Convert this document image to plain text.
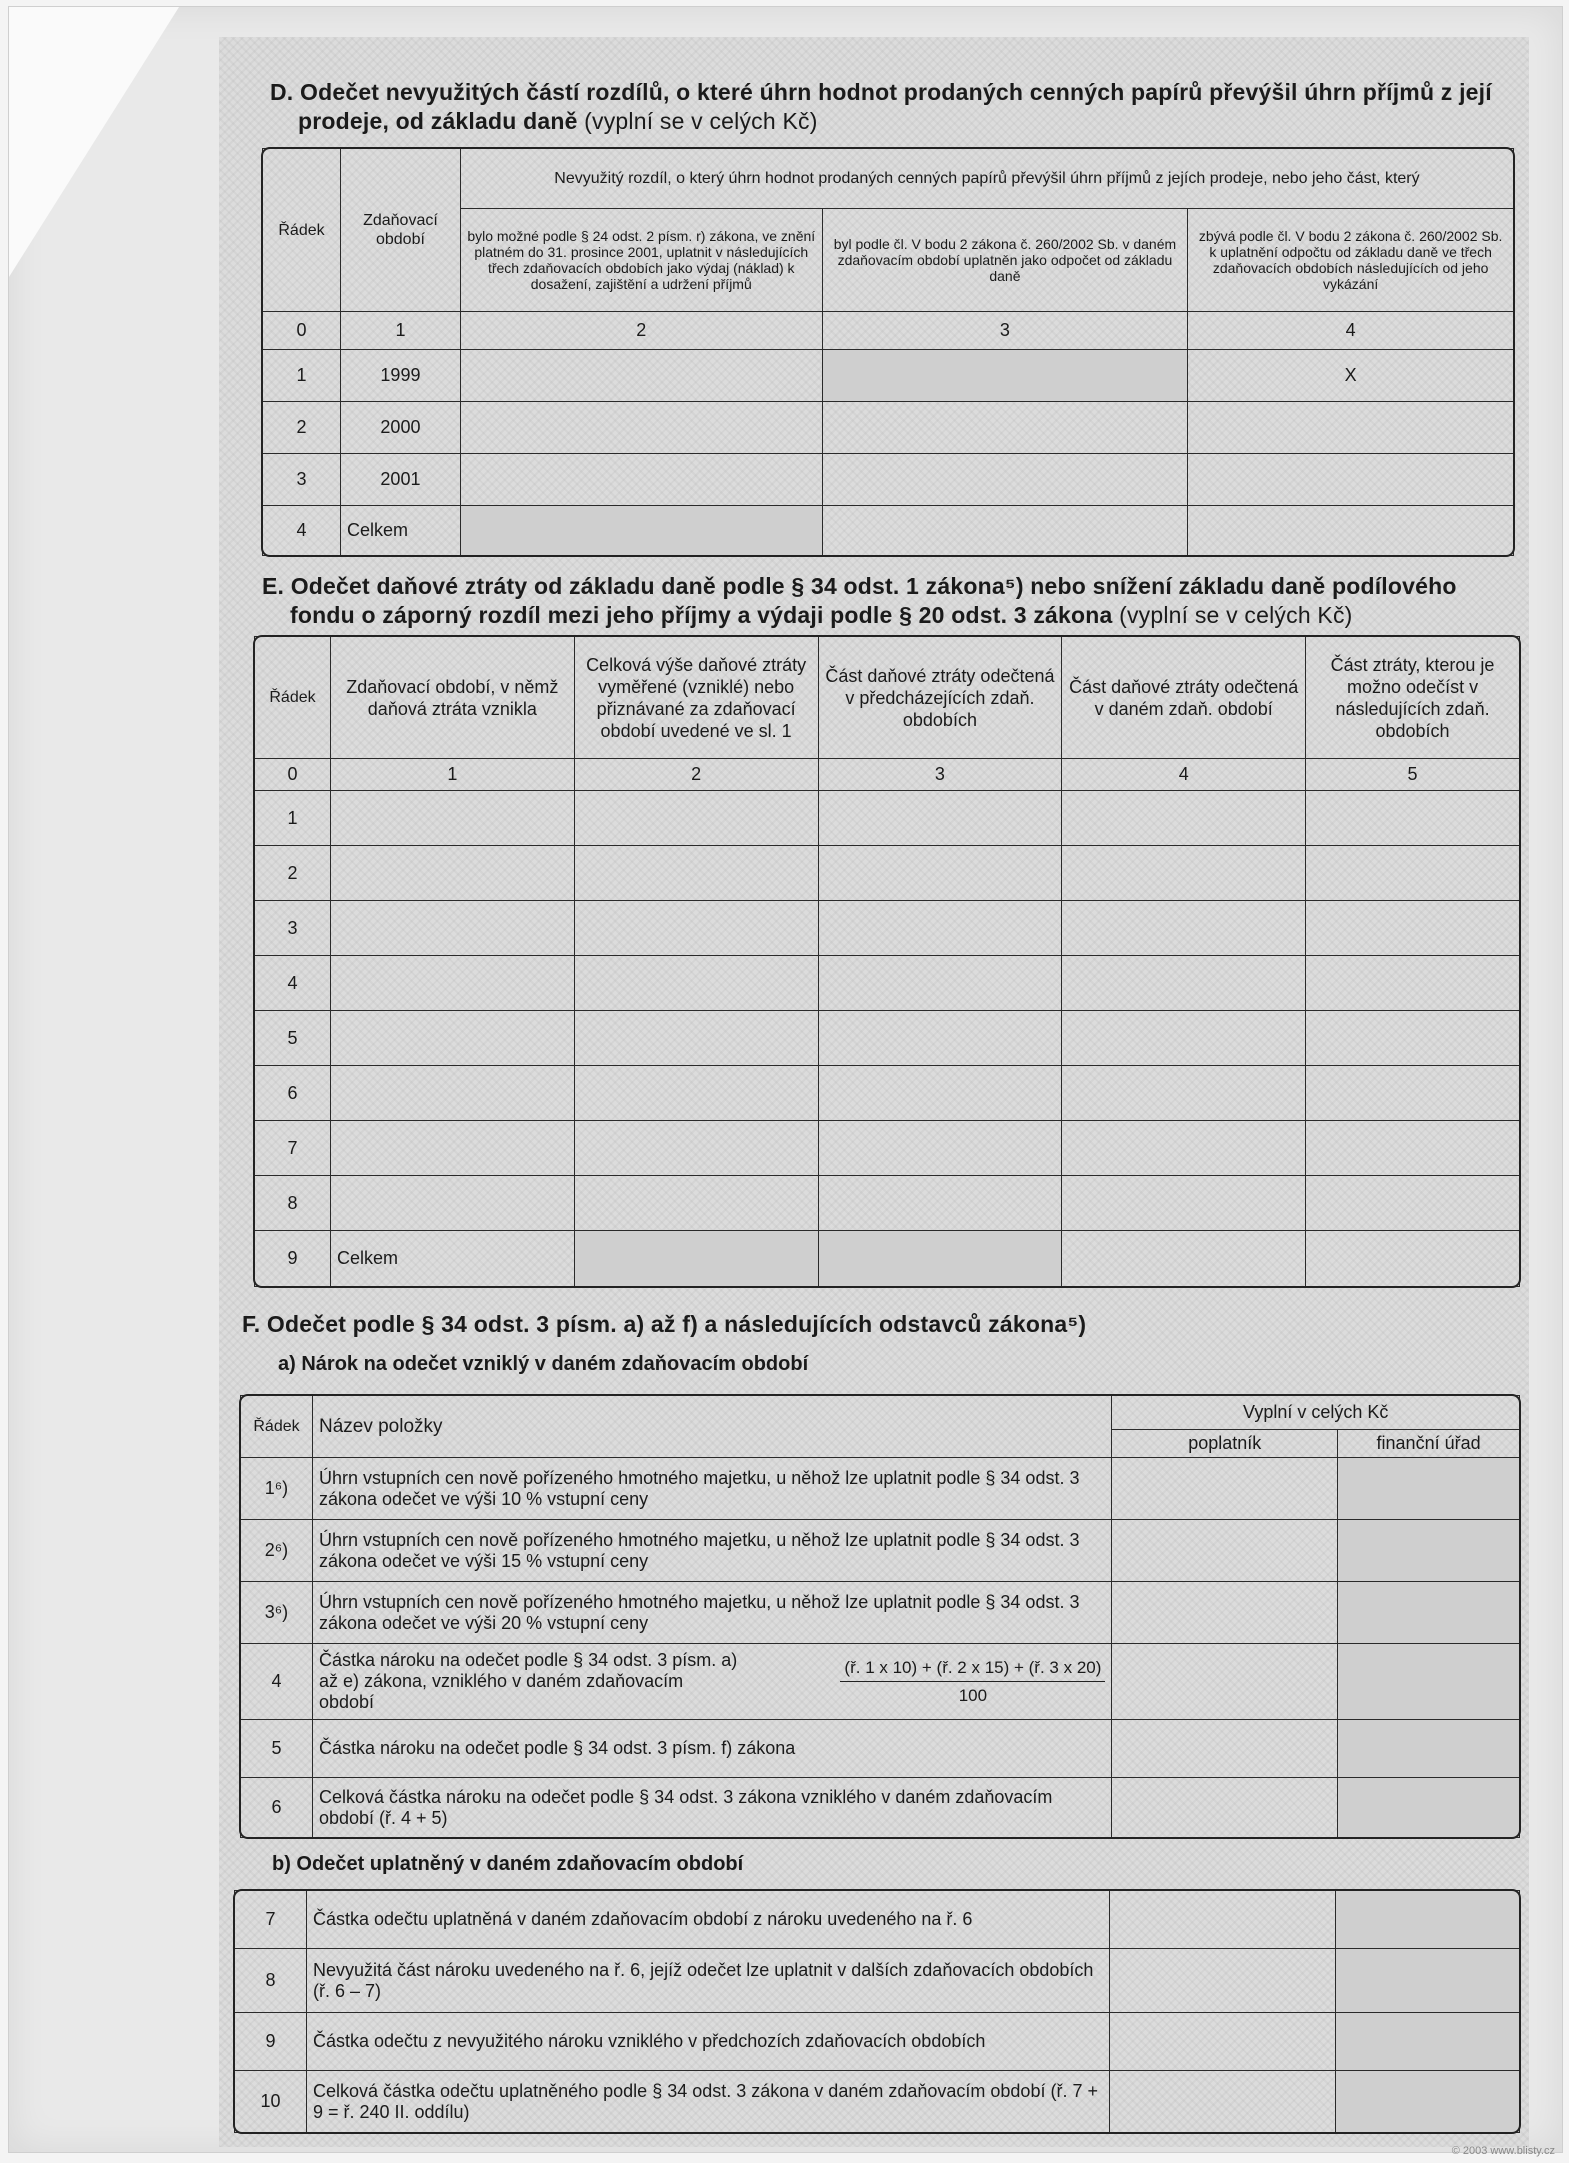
D. Odečet nevyužitých částí rozdílů, o které úhrn hodnot prodaných cenných papírů převýšil úhrn příjmů z její
prodeje, od základu daně (vyplní se v celých Kč)
Řádek	Zdaňovací období	Nevyužitý rozdíl, o který úhrn hodnot prodaných cenných papírů převýšil úhrn příjmů z jejích prodeje, nebo jeho část, který		
		bylo možné podle § 24 odst. 2 písm. r) zákona, ve znění platném do 31. prosince 2001, uplatnit v následujících třech zdaňovacích obdobích jako výdaj (náklad) k dosažení, zajištění a udržení příjmů	byl podle čl. V bodu 2 zákona č. 260/2002 Sb. v daném zdaňovacím období uplatněn jako odpočet od základu daně	zbývá podle čl. V bodu 2 zákona č. 260/2002 Sb. k uplatnění odpočtu od základu daně ve třech zdaňovacích obdobích následujících od jeho vykázání
0	1	2	3	4
1	1999			X
2	2000			
3	2001			
4	Celkem			
E. Odečet daňové ztráty od základu daně podle § 34 odst. 1 zákona⁵) nebo snížení základu daně podílového
fondu o záporný rozdíl mezi jeho příjmy a výdaji podle § 20 odst. 3 zákona (vyplní se v celých Kč)
Řádek	Zdaňovací období, v němž daňová ztráta vznikla	Celková výše daňové ztráty vyměřené (vzniklé) nebo přiznávané za zdaňovací období uvedené ve sl. 1	Část daňové ztráty odečtená v předcházejících zdaň. obdobích	Část daňové ztráty odečtená v daném zdaň. období	Část ztráty, kterou je možno odečíst v následujících zdaň. obdobích
0	1	2	3	4	5
1					
2					
3					
4					
5					
6					
7					
8					
9	Celkem				
F. Odečet podle § 34 odst. 3 písm. a) až f) a následujících odstavců zákona⁵)
a) Nárok na odečet vzniklý v daném zdaňovacím období
Řádek	Název položky	Vyplní v celých Kč	
		poplatník	finanční úřad
1⁶)	Úhrn vstupních cen nově pořízeného hmotného majetku, u něhož lze uplatnit podle § 34 odst. 3 zákona odečet ve výši 10 % vstupní ceny		
2⁶)	Úhrn vstupních cen nově pořízeného hmotného majetku, u něhož lze uplatnit podle § 34 odst. 3 zákona odečet ve výši 15 % vstupní ceny		
3⁶)	Úhrn vstupních cen nově pořízeného hmotného majetku, u něhož lze uplatnit podle § 34 odst. 3 zákona odečet ve výši 20 % vstupní ceny		
4	Částka nároku na odečet podle § 34 odst. 3 písm. a) až e) zákona, vzniklého v daném zdaňovacím období $\frac{(ř. 1 x 10) + (ř. 2 x 15) + (ř. 3 x 20)}{100}$

5	Částka nároku na odečet podle § 34 odst. 3 písm. f) zákona		
6	Celková částka nároku na odečet podle § 34 odst. 3 zákona vzniklého v daném zdaňovacím období (ř. 4 + 5)		
b) Odečet uplatněný v daném zdaňovacím období
7	Částka odečtu uplatněná v daném zdaňovacím období z nároku uvedeného na ř. 6		
8	Nevyužitá část nároku uvedeného na ř. 6, jejíž odečet lze uplatnit v dalších zdaňovacích obdobích (ř. 6 – 7)		
9	Částka odečtu z nevyužitého nároku vzniklého v předchozích zdaňovacích obdobích		
10	Celková částka odečtu uplatněného podle § 34 odst. 3 zákona v daném zdaňovacím období (ř. 7 + 9 = ř. 240 II. oddílu)		
© 2003 www.blisty.cz
